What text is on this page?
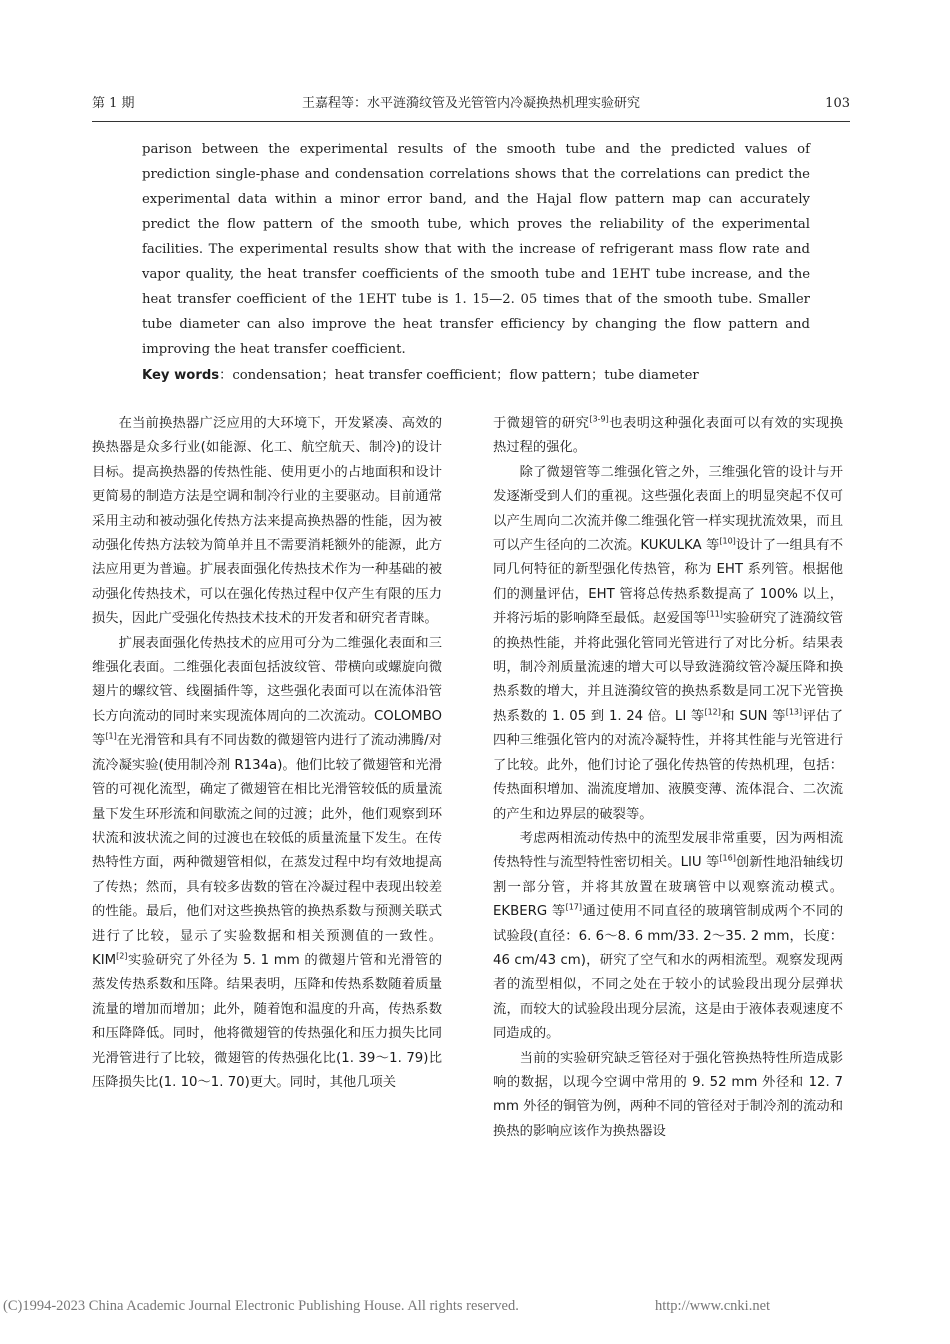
第 1 期	王嘉程等：水平涟漪纹管及光管管内冷凝换热机理实验研究	103
parison between the experimental results of the smooth tube and the predicted values of prediction single-phase and condensation correlations shows that the correlations can predict the experimental data within a minor error band, and the Hajal flow pattern map can accurately predict the flow pattern of the smooth tube, which proves the reliability of the experimental facilities. The experimental results show that with the increase of refrigerant mass flow rate and vapor quality, the heat transfer coefficients of the smooth tube and 1EHT tube increase, and the heat transfer coefficient of the 1EHT tube is 1. 15—2. 05 times that of the smooth tube. Smaller tube diameter can also improve the heat transfer efficiency by changing the flow pattern and improving the heat transfer coefficient.
Key words：condensation；heat transfer coefficient；flow pattern；tube diameter

在当前换热器广泛应用的大环境下，开发紧凑、高效的换热器是众多行业(如能源、化工、航空航天、制冷)的设计目标。提高换热器的传热性能、使用更小的占地面积和设计更简易的制造方法是空调和制冷行业的主要驱动。目前通常采用主动和被动强化传热方法来提高换热器的性能，因为被动强化传热方法较为简单并且不需要消耗额外的能源，此方法应用更为普遍。扩展表面强化传热技术作为一种基础的被动强化传热技术，可以在强化传热过程中仅产生有限的压力损失，因此广受强化传热技术技术的开发者和研究者青睐。

扩展表面强化传热技术的应用可分为二维强化表面和三维强化表面。二维强化表面包括波纹管、带横向或螺旋向微翅片的螺纹管、线圈插件等，这些强化表面可以在流体沿管长方向流动的同时来实现流体周向的二次流动。COLOMBO 等[1]在光滑管和具有不同齿数的微翅管内进行了流动沸腾/对流冷凝实验(使用制冷剂 R134a)。他们比较了微翅管和光滑管的可视化流型，确定了微翅管在相比光滑管较低的质量流量下发生环形流和间歇流之间的过渡；此外，他们观察到环状流和波状流之间的过渡也在较低的质量流量下发生。在传热特性方面，两种微翅管相似，在蒸发过程中均有效地提高了传热；然而，具有较多齿数的管在冷凝过程中表现出较差的性能。最后，他们对这些换热管的换热系数与预测关联式进行了比较，显示了实验数据和相关预测值的一致性。KIM[2]实验研究了外径为 5. 1 mm 的微翅片管和光滑管的蒸发传热系数和压降。结果表明，压降和传热系数随着质量流量的增加而增加；此外，随着饱和温度的升高，传热系数和压降降低。同时，他将微翅管的传热强化和压力损失比同光滑管进行了比较，微翅管的传热强化比(1. 39～1. 79)比压降损失比(1. 10～1. 70)更大。同时，其他几项关

于微翅管的研究[3-9]也表明这种强化表面可以有效的实现换热过程的强化。

除了微翅管等二维强化管之外，三维强化管的设计与开发逐渐受到人们的重视。这些强化表面上的明显突起不仅可以产生周向二次流并像二维强化管一样实现扰流效果，而且可以产生径向的二次流。KUKULKA 等[10]设计了一组具有不同几何特征的新型强化传热管，称为 EHT 系列管。根据他们的测量评估，EHT 管将总传热系数提高了 100% 以上，并将污垢的影响降至最低。赵爱国等[11]实验研究了涟漪纹管的换热性能，并将此强化管同光管进行了对比分析。结果表明，制冷剂质量流速的增大可以导致涟漪纹管冷凝压降和换热系数的增大，并且涟漪纹管的换热系数是同工况下光管换热系数的 1. 05 到 1. 24 倍。LI 等[12]和 SUN 等[13]评估了四种三维强化管内的对流冷凝特性，并将其性能与光管进行了比较。此外，他们讨论了强化传热管的传热机理，包括：传热面积增加、湍流度增加、液膜变薄、流体混合、二次流的产生和边界层的破裂等。

考虑两相流动传热中的流型发展非常重要，因为两相流传热特性与流型特性密切相关。LIU 等[16]创新性地沿轴线切割一部分管，并将其放置在玻璃管中以观察流动模式。EKBERG 等[17]通过使用不同直径的玻璃管制成两个不同的试验段(直径：6. 6～8. 6 mm/33. 2～35. 2 mm，长度：46 cm/43 cm)，研究了空气和水的两相流型。观察发现两者的流型相似，不同之处在于较小的试验段出现分层弹状流，而较大的试验段出现分层流，这是由于液体表观速度不同造成的。

当前的实验研究缺乏管径对于强化管换热特性所造成影响的数据，以现今空调中常用的 9. 52 mm 外径和 12. 7 mm 外径的铜管为例，两种不同的管径对于制冷剂的流动和换热的影响应该作为换热器设

(C)1994-2023 China Academic Journal Electronic Publishing House. All rights reserved.	http://www.cnki.net
